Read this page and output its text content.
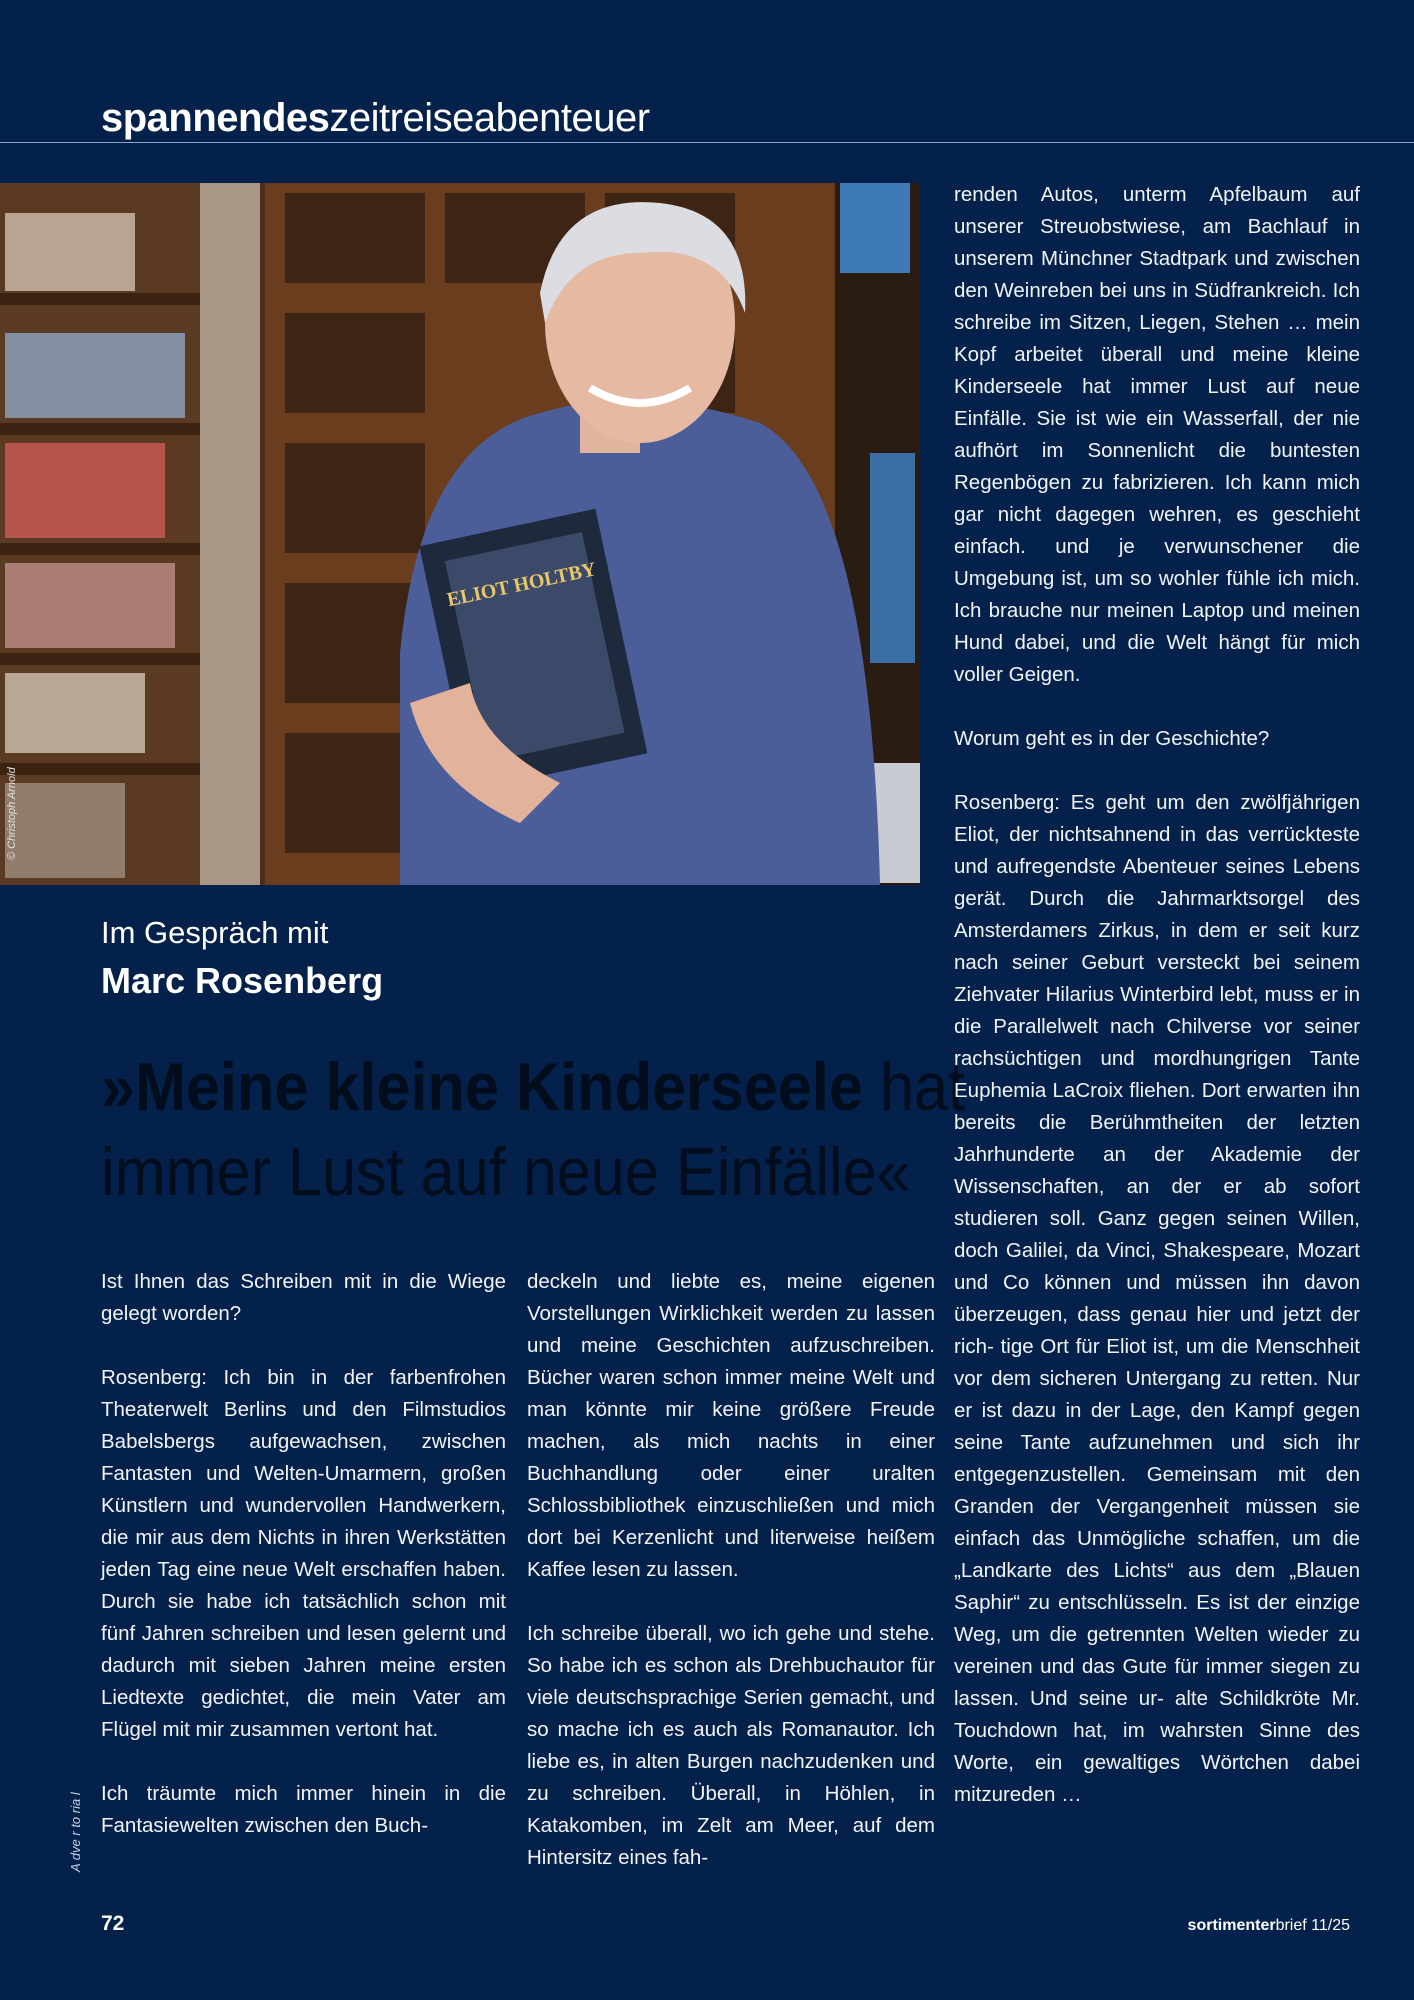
spannendeszeitreiseabenteuer
ELIOT HOLTBY
© Christoph Arnold
Im Gespräch mit
Marc Rosenberg
»Meine kleine Kinderseele hat
immer Lust auf neue Einfälle«

Ist Ihnen das Schreiben mit in die Wiege gelegt worden?

Rosenberg: Ich bin in der farbenfrohen Theaterwelt Berlins und den Filmstudios Babelsbergs aufgewachsen, zwischen Fantasten und Welten-Umarmern, großen Künstlern und wundervollen Handwerkern, die mir aus dem Nichts in ihren Werkstätten jeden Tag eine neue Welt erschaffen haben. Durch sie habe ich tatsächlich schon mit fünf Jahren schreiben und lesen gelernt und dadurch mit sieben Jahren meine ersten Liedtexte gedichtet, die mein Vater am Flügel mit mir zusammen vertont hat.

Ich träumte mich immer hinein in die Fantasiewelten zwischen den Buch-

deckeln und liebte es, meine eigenen Vorstellungen Wirklichkeit werden zu lassen und meine Geschichten aufzuschreiben. Bücher waren schon immer meine Welt und man könnte mir keine größere Freude machen, als mich nachts in einer Buchhandlung oder einer uralten Schlossbibliothek einzuschließen und mich dort bei Kerzenlicht und literweise heißem Kaffee lesen zu lassen.

Ich schreibe überall, wo ich gehe und stehe. So habe ich es schon als Drehbuchautor für viele deutschsprachige Serien gemacht, und so mache ich es auch als Romanautor. Ich liebe es, in alten Burgen nachzudenken und zu schreiben. Überall, in Höhlen, in Katakomben, im Zelt am Meer, auf dem Hintersitz eines fah-

renden Autos, unterm Apfelbaum auf unserer Streuobstwiese, am Bachlauf in unserem Münchner Stadtpark und zwischen den Weinreben bei uns in Südfrankreich. Ich schreibe im Sitzen, Liegen, Stehen … mein Kopf arbeitet überall und meine kleine Kinderseele hat immer Lust auf neue Einfälle. Sie ist wie ein Wasserfall, der nie aufhört im Sonnenlicht die buntesten Regenbögen zu fabrizieren. Ich kann mich gar nicht dagegen wehren, es geschieht einfach. und je verwunschener die Umgebung ist, um so wohler fühle ich mich. Ich brauche nur meinen Laptop und meinen Hund dabei, und die Welt hängt für mich voller Geigen.

Worum geht es in der Geschichte?

Rosenberg: Es geht um den zwölfjährigen Eliot, der nichtsahnend in das verrückteste und aufregendste Abenteuer seines Lebens gerät. Durch die Jahrmarktsorgel des Amsterdamers Zirkus, in dem er seit kurz nach seiner Geburt versteckt bei seinem Ziehvater Hilarius Winterbird lebt, muss er in die Parallelwelt nach Chilverse vor seiner rachsüchtigen und mordhungrigen Tante Euphemia LaCroix fliehen. Dort erwarten ihn bereits die Berühmtheiten der letzten Jahrhunderte an der Akademie der Wissenschaften, an der er ab sofort studieren soll. Ganz gegen seinen Willen, doch Galilei, da Vinci, Shakespeare, Mozart und Co können und müssen ihn davon überzeugen, dass genau hier und jetzt der rich- tige Ort für Eliot ist, um die Menschheit vor dem sicheren Untergang zu retten. Nur er ist dazu in der Lage, den Kampf gegen seine Tante aufzunehmen und sich ihr entgegenzustellen. Gemeinsam mit den Granden der Vergangenheit müssen sie einfach das Unmögliche schaffen, um die „Landkarte des Lichts“ aus dem „Blauen Saphir“ zu entschlüsseln. Es ist der einzige Weg, um die getrennten Welten wieder zu vereinen und das Gute für immer siegen zu lassen. Und seine ur- alte Schildkröte Mr. Touchdown hat, im wahrsten Sinne des Worte, ein gewaltiges Wörtchen dabei mitzureden …

A dve r to ria l
72	sortimenterbrief 11/25
